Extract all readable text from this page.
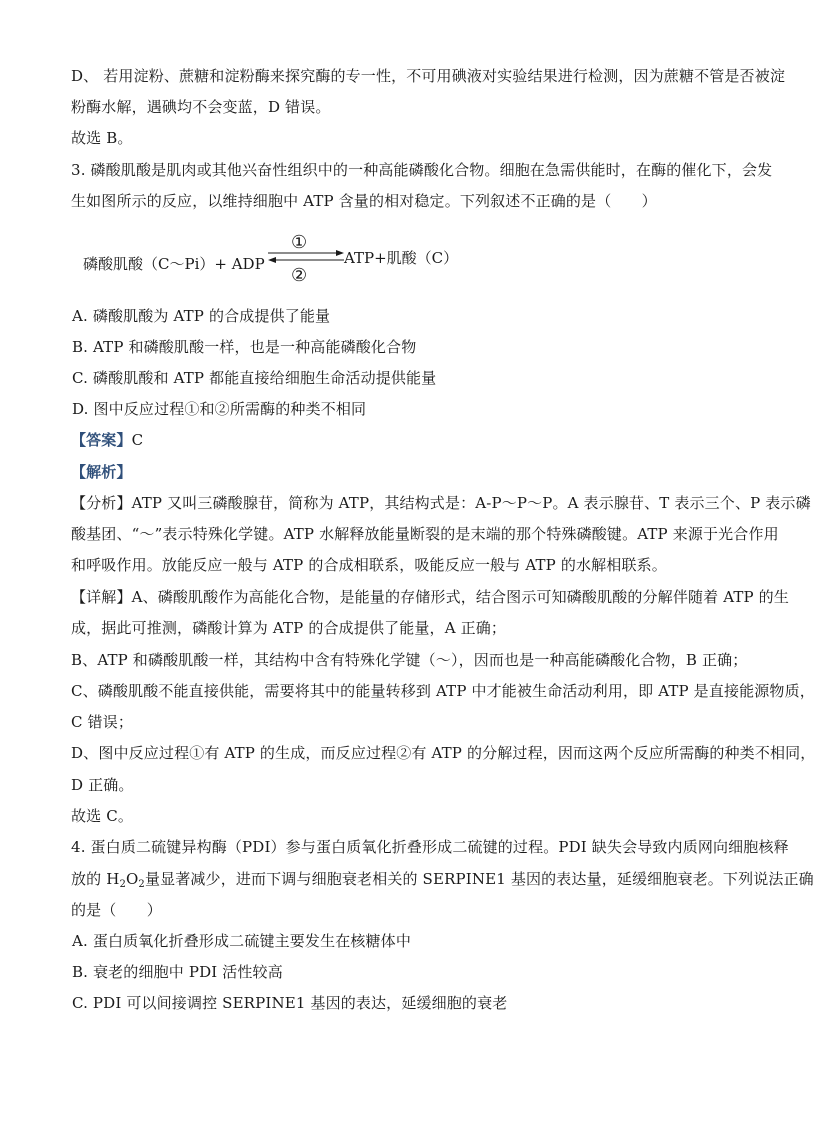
D、 若用淀粉、蔗糖和淀粉酶来探究酶的专一性，不可用碘液对实验结果进行检测，因为蔗糖不管是否被淀
粉酶水解，遇碘均不会变蓝，D 错误。
故选 B。
3. 磷酸肌酸是肌肉或其他兴奋性组织中的一种高能磷酸化合物。细胞在急需供能时，在酶的催化下，会发
生如图所示的反应，以维持细胞中 ATP 含量的相对稳定。下列叙述不正确的是（　　）
磷酸肌酸（C～Pi）+ ADP
①
②
ATP+肌酸（C）
A. 磷酸肌酸为 ATP 的合成提供了能量
B. ATP 和磷酸肌酸一样，也是一种高能磷酸化合物
C. 磷酸肌酸和 ATP 都能直接给细胞生命活动提供能量
D. 图中反应过程①和②所需酶的种类不相同
【答案】C
【解析】
【分析】ATP 又叫三磷酸腺苷，简称为 ATP，其结构式是：A-P～P～P。A 表示腺苷、T 表示三个、P 表示磷
酸基团、“～”表示特殊化学键。ATP 水解释放能量断裂的是末端的那个特殊磷酸键。ATP 来源于光合作用
和呼吸作用。放能反应一般与 ATP 的合成相联系，吸能反应一般与 ATP 的水解相联系。
【详解】A、磷酸肌酸作为高能化合物，是能量的存储形式，结合图示可知磷酸肌酸的分解伴随着 ATP 的生
成，据此可推测，磷酸计算为 ATP 的合成提供了能量，A 正确；
B、ATP 和磷酸肌酸一样，其结构中含有特殊化学键（～），因而也是一种高能磷酸化合物，B 正确；
C、磷酸肌酸不能直接供能，需要将其中的能量转移到 ATP 中才能被生命活动利用，即 ATP 是直接能源物质，
C 错误；
D、图中反应过程①有 ATP 的生成，而反应过程②有 ATP 的分解过程，因而这两个反应所需酶的种类不相同，
D 正确。
故选 C。
4. 蛋白质二硫键异构酶（PDI）参与蛋白质氧化折叠形成二硫键的过程。PDI 缺失会导致内质网向细胞核释
放的 $H_2O_2$量显著减少，进而下调与细胞衰老相关的 SERPINE1 基因的表达量，延缓细胞衰老。下列说法正确
的是（　　）
A. 蛋白质氧化折叠形成二硫键主要发生在核糖体中
B. 衰老的细胞中 PDI 活性较高
C. PDI 可以间接调控 SERPINE1 基因的表达，延缓细胞的衰老
